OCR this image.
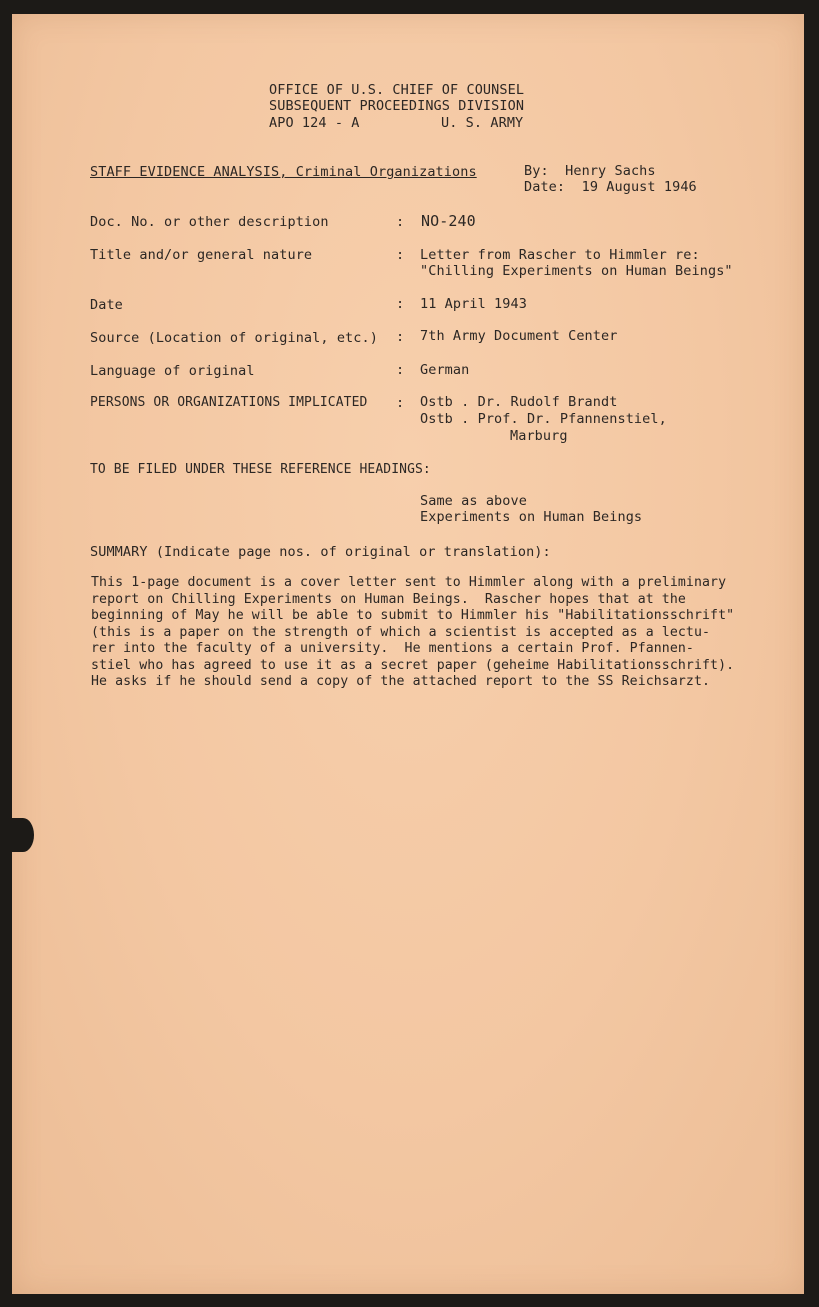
OFFICE OF U.S. CHIEF OF COUNSEL
SUBSEQUENT PROCEEDINGS DIVISION
APO 124 - A	U. S. ARMY
STAFF EVIDENCE ANALYSIS, Criminal Organizations	By:  Henry Sachs
Date:  19 August 1946
Doc. No. or other description	: NO-240
Title and/or general nature	: Letter from Rascher to Himmler re:
"Chilling Experiments on Human Beings"
Date	: 11 April 1943
Source (Location of original, etc.) : 7th Army Document Center
Language of original	: German
PERSONS OR ORGANIZATIONS IMPLICATED : Ostb . Dr. Rudolf Brandt
Ostb . Prof. Dr. Pfannenstiel,
Marburg
TO BE FILED UNDER THESE REFERENCE HEADINGS:
Same as above
Experiments on Human Beings
SUMMARY (Indicate page nos. of original or translation):
This 1-page document is a cover letter sent to Himmler along with a preliminary
report on Chilling Experiments on Human Beings.  Rascher hopes that at the
beginning of May he will be able to submit to Himmler his "Habilitationsschrift"
(this is a paper on the strength of which a scientist is accepted as a lectu-
rer into the faculty of a university.  He mentions a certain Prof. Pfannen-
stiel who has agreed to use it as a secret paper (geheime Habilitationsschrift).
He asks if he should send a copy of the attached report to the SS Reichsarzt.
